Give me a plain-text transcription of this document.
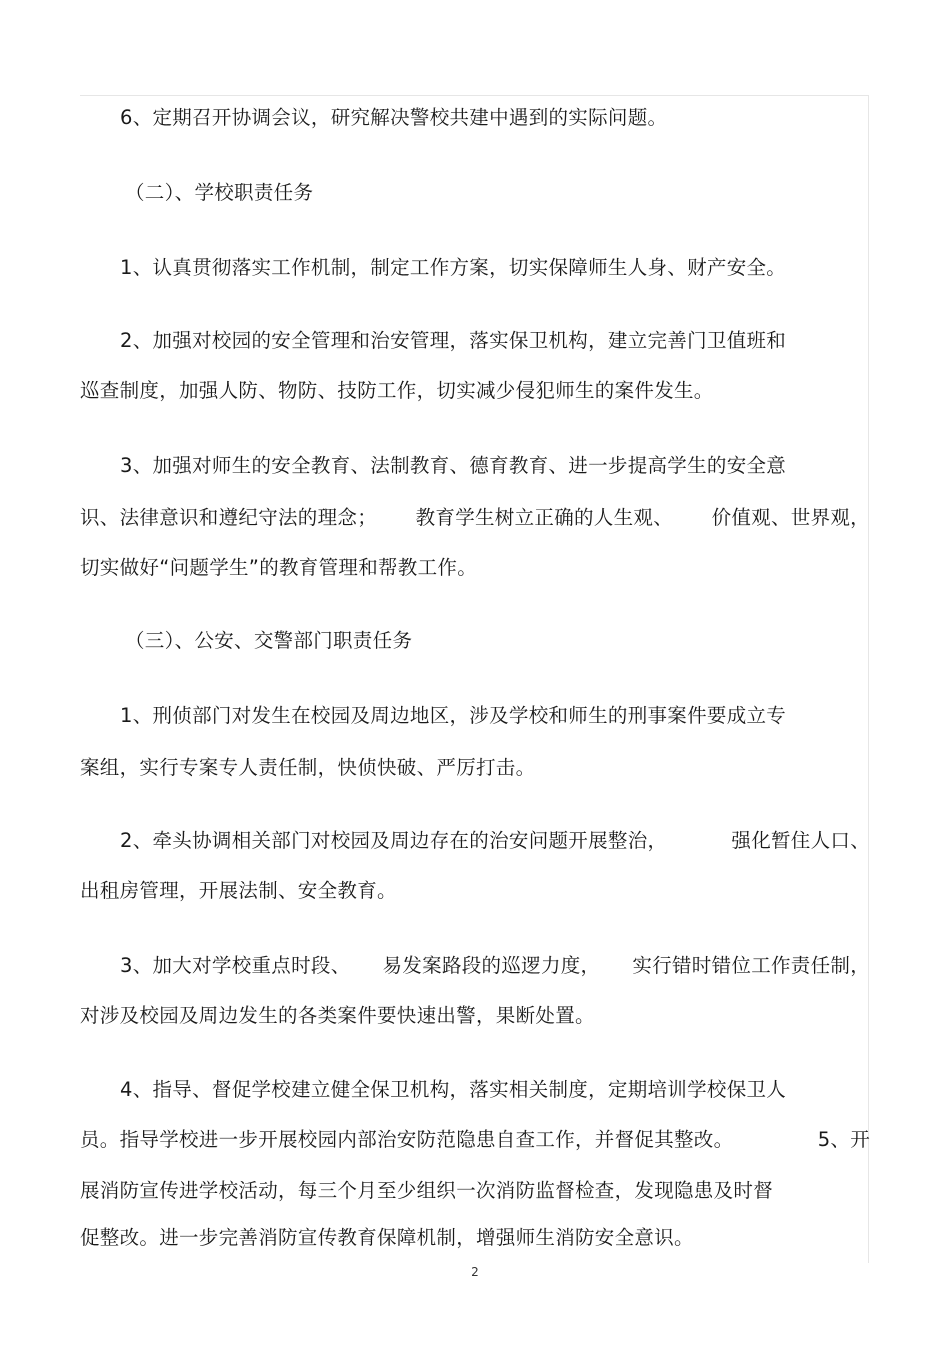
6、定期召开协调会议，研究解决警校共建中遇到的实际问题。
（二）、学校职责任务
1、认真贯彻落实工作机制，制定工作方案，切实保障师生人身、财产安全。
2、加强对校园的安全管理和治安管理，落实保卫机构，建立完善门卫值班和
巡查制度，加强人防、物防、技防工作，切实减少侵犯师生的案件发生。
3、加强对师生的安全教育、法制教育、德育教育、进一步提高学生的安全意
识、法律意识和遵纪守法的理念； 教育学生树立正确的人生观、 价值观、世界观，
切实做好“问题学生”的教育管理和帮教工作。
（三）、公安、交警部门职责任务
1、刑侦部门对发生在校园及周边地区，涉及学校和师生的刑事案件要成立专
案组，实行专案专人责任制，快侦快破、严厉打击。
2、牵头协调相关部门对校园及周边存在的治安问题开展整治，	强化暂住人口、
出租房管理，开展法制、安全教育。
3、加大对学校重点时段、 易发案路段的巡逻力度， 实行错时错位工作责任制，
对涉及校园及周边发生的各类案件要快速出警，果断处置。
4、指导、督促学校建立健全保卫机构，落实相关制度，定期培训学校保卫人
员。指导学校进一步开展校园内部治安防范隐患自查工作，并督促其整改。	5、开
展消防宣传进学校活动，每三个月至少组织一次消防监督检查，发现隐患及时督
促整改。进一步完善消防宣传教育保障机制，增强师生消防安全意识。
2
